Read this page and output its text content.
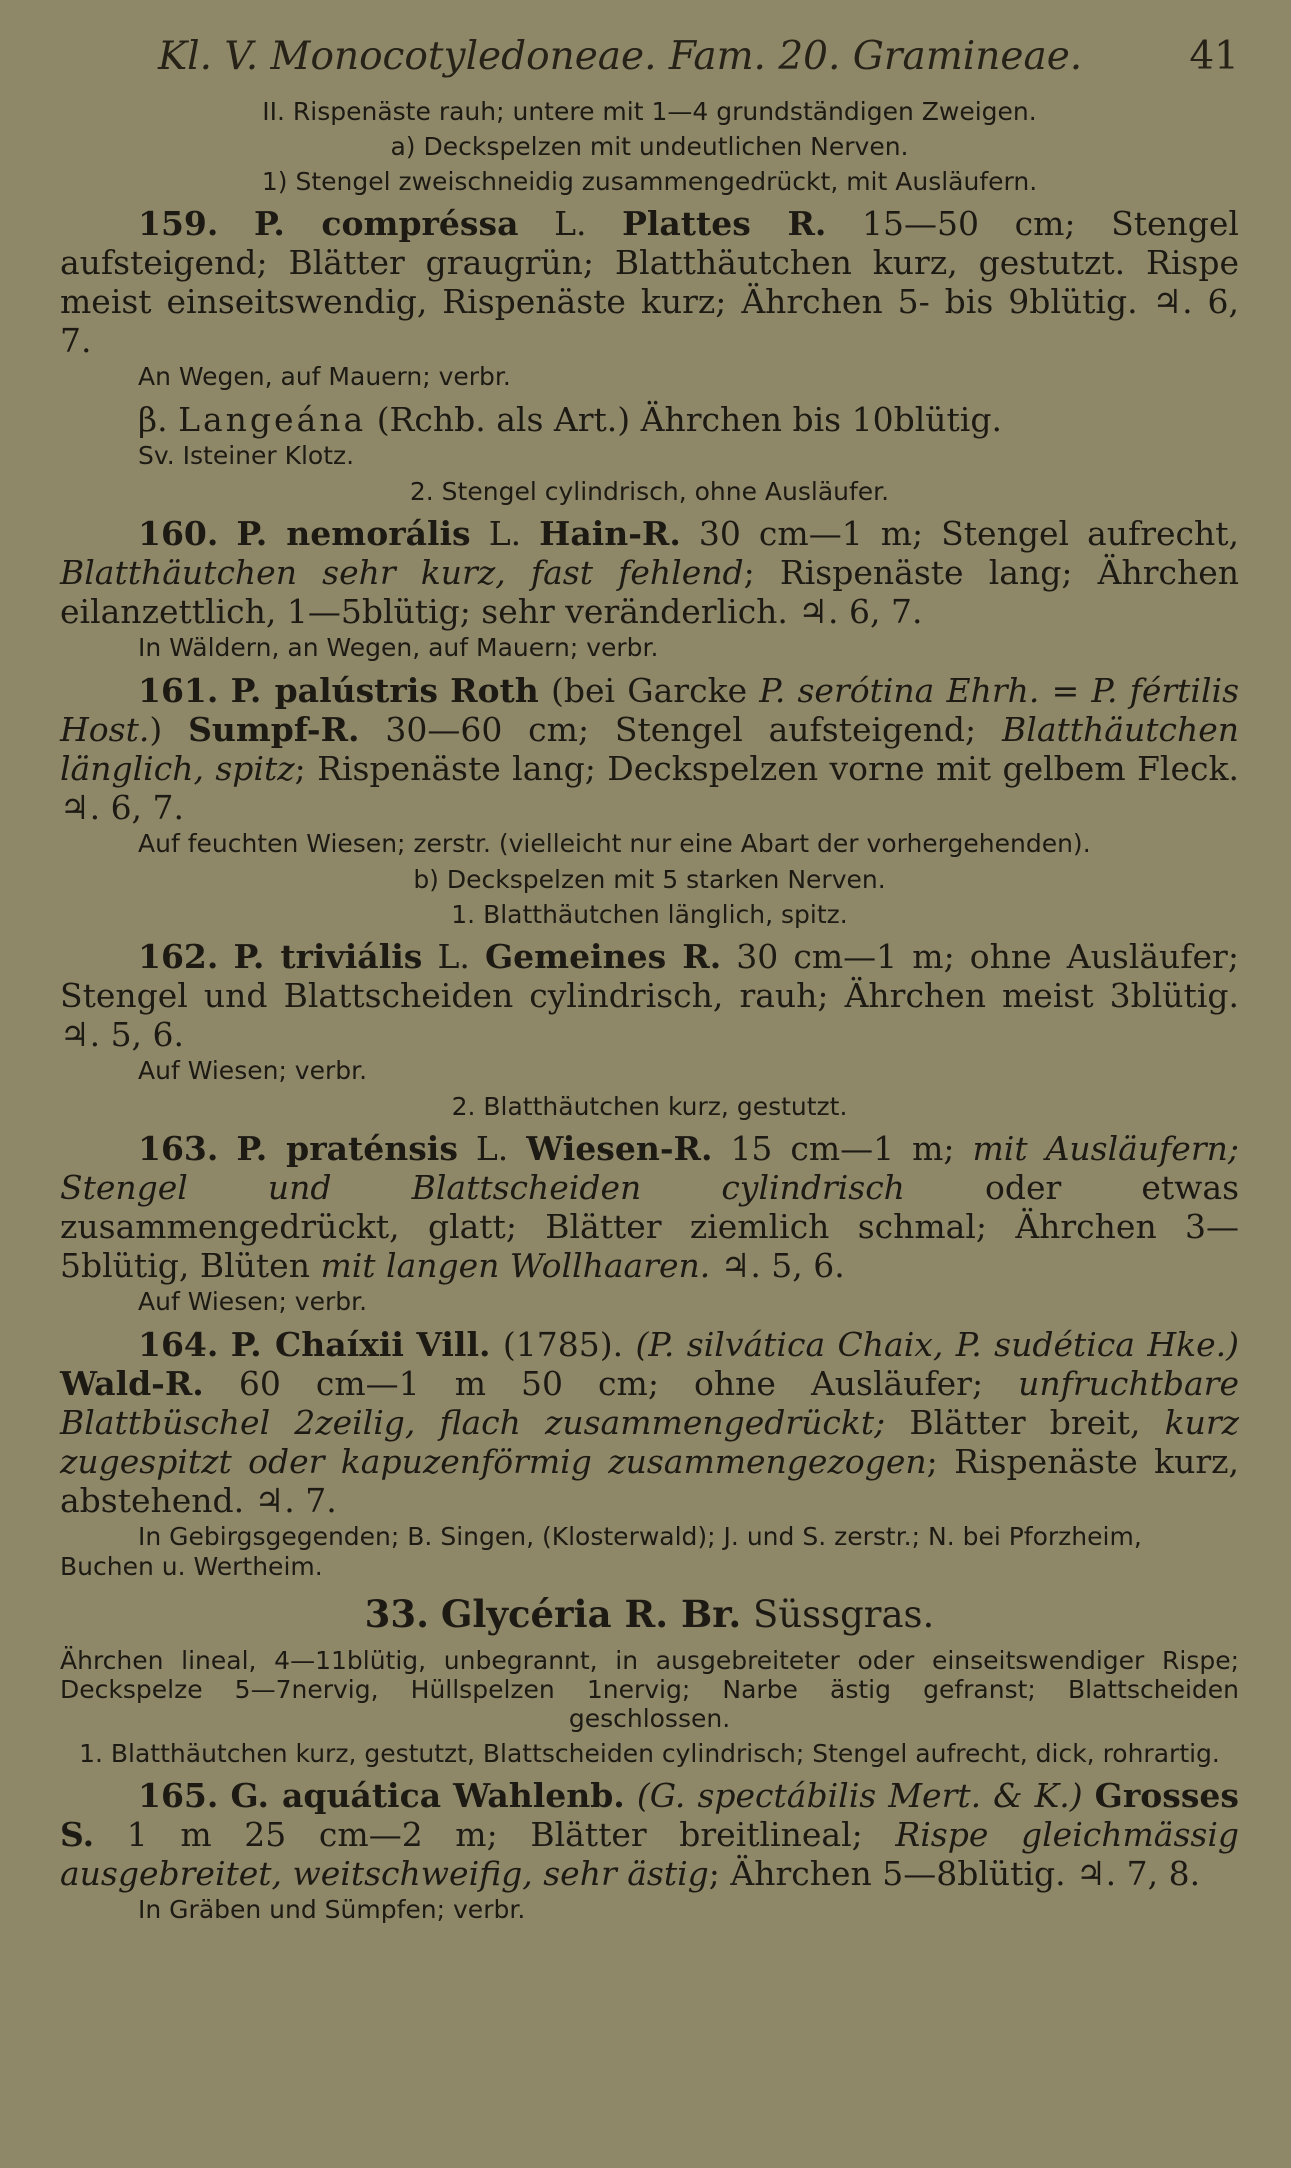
Kl. V. Monocotyledoneae. Fam. 20. Gramineae.	41
II. Rispenäste rauh; untere mit 1—4 grundständigen Zweigen.
a) Deckspelzen mit undeutlichen Nerven.
1) Stengel zweischneidig zusammengedrückt, mit Ausläufern.

159. P. compréssa L. Plattes R. 15—50 cm; Stengel aufsteigend; Blätter graugrün; Blatthäutchen kurz, gestutzt. Rispe meist einseitswendig, Rispenäste kurz; Ährchen 5- bis 9blütig. ♃. 6, 7.

An Wegen, auf Mauern; verbr.
β. Langeána (Rchb. als Art.) Ährchen bis 10blütig.
Sv. Isteiner Klotz.
2. Stengel cylindrisch, ohne Ausläufer.

160. P. nemorális L. Hain-R. 30 cm—1 m; Stengel aufrecht, Blatthäutchen sehr kurz, fast fehlend; Rispenäste lang; Ährchen eilanzettlich, 1—5blütig; sehr veränderlich. ♃. 6, 7.

In Wäldern, an Wegen, auf Mauern; verbr.

161. P. palústris Roth (bei Garcke P. serótina Ehrh. = P. fértilis Host.) Sumpf-R. 30—60 cm; Stengel aufsteigend; Blatthäutchen länglich, spitz; Rispenäste lang; Deckspelzen vorne mit gelbem Fleck. ♃. 6, 7.

Auf feuchten Wiesen; zerstr. (vielleicht nur eine Abart der vorhergehenden).
b) Deckspelzen mit 5 starken Nerven.
1. Blatthäutchen länglich, spitz.

162. P. triviális L. Gemeines R. 30 cm—1 m; ohne Ausläufer; Stengel und Blattscheiden cylindrisch, rauh; Ährchen meist 3blütig. ♃. 5, 6.

Auf Wiesen; verbr.
2. Blatthäutchen kurz, gestutzt.

163. P. praténsis L. Wiesen-R. 15 cm—1 m; mit Ausläufern; Stengel und Blattscheiden cylindrisch oder etwas zusammengedrückt, glatt; Blätter ziemlich schmal; Ährchen 3—5blütig, Blüten mit langen Wollhaaren. ♃. 5, 6.

Auf Wiesen; verbr.

164. P. Chaíxii Vill. (1785). (P. silvática Chaix, P. sudética Hke.) Wald-R. 60 cm—1 m 50 cm; ohne Ausläufer; unfruchtbare Blattbüschel 2zeilig, flach zusammengedrückt; Blätter breit, kurz zugespitzt oder kapuzenförmig zusammengezogen; Rispenäste kurz, abstehend. ♃. 7.

In Gebirgsgegenden; B. Singen, (Klosterwald); J. und S. zerstr.; N. bei Pforzheim, Buchen u. Wertheim.
33. Glycéria R. Br. Süssgras.
Ährchen lineal, 4—11blütig, unbegrannt, in ausgebreiteter oder einseitswendiger Rispe; Deckspelze 5—7nervig, Hüllspelzen 1nervig; Narbe ästig gefranst; Blattscheiden geschlossen.
1. Blatthäutchen kurz, gestutzt, Blattscheiden cylindrisch; Stengel aufrecht, dick, rohrartig.

165. G. aquática Wahlenb. (G. spectábilis Mert. & K.) Grosses S. 1 m 25 cm—2 m; Blätter breitlineal; Rispe gleichmässig ausgebreitet, weitschweifig, sehr ästig; Ährchen 5—8blütig. ♃. 7, 8.

In Gräben und Sümpfen; verbr.
